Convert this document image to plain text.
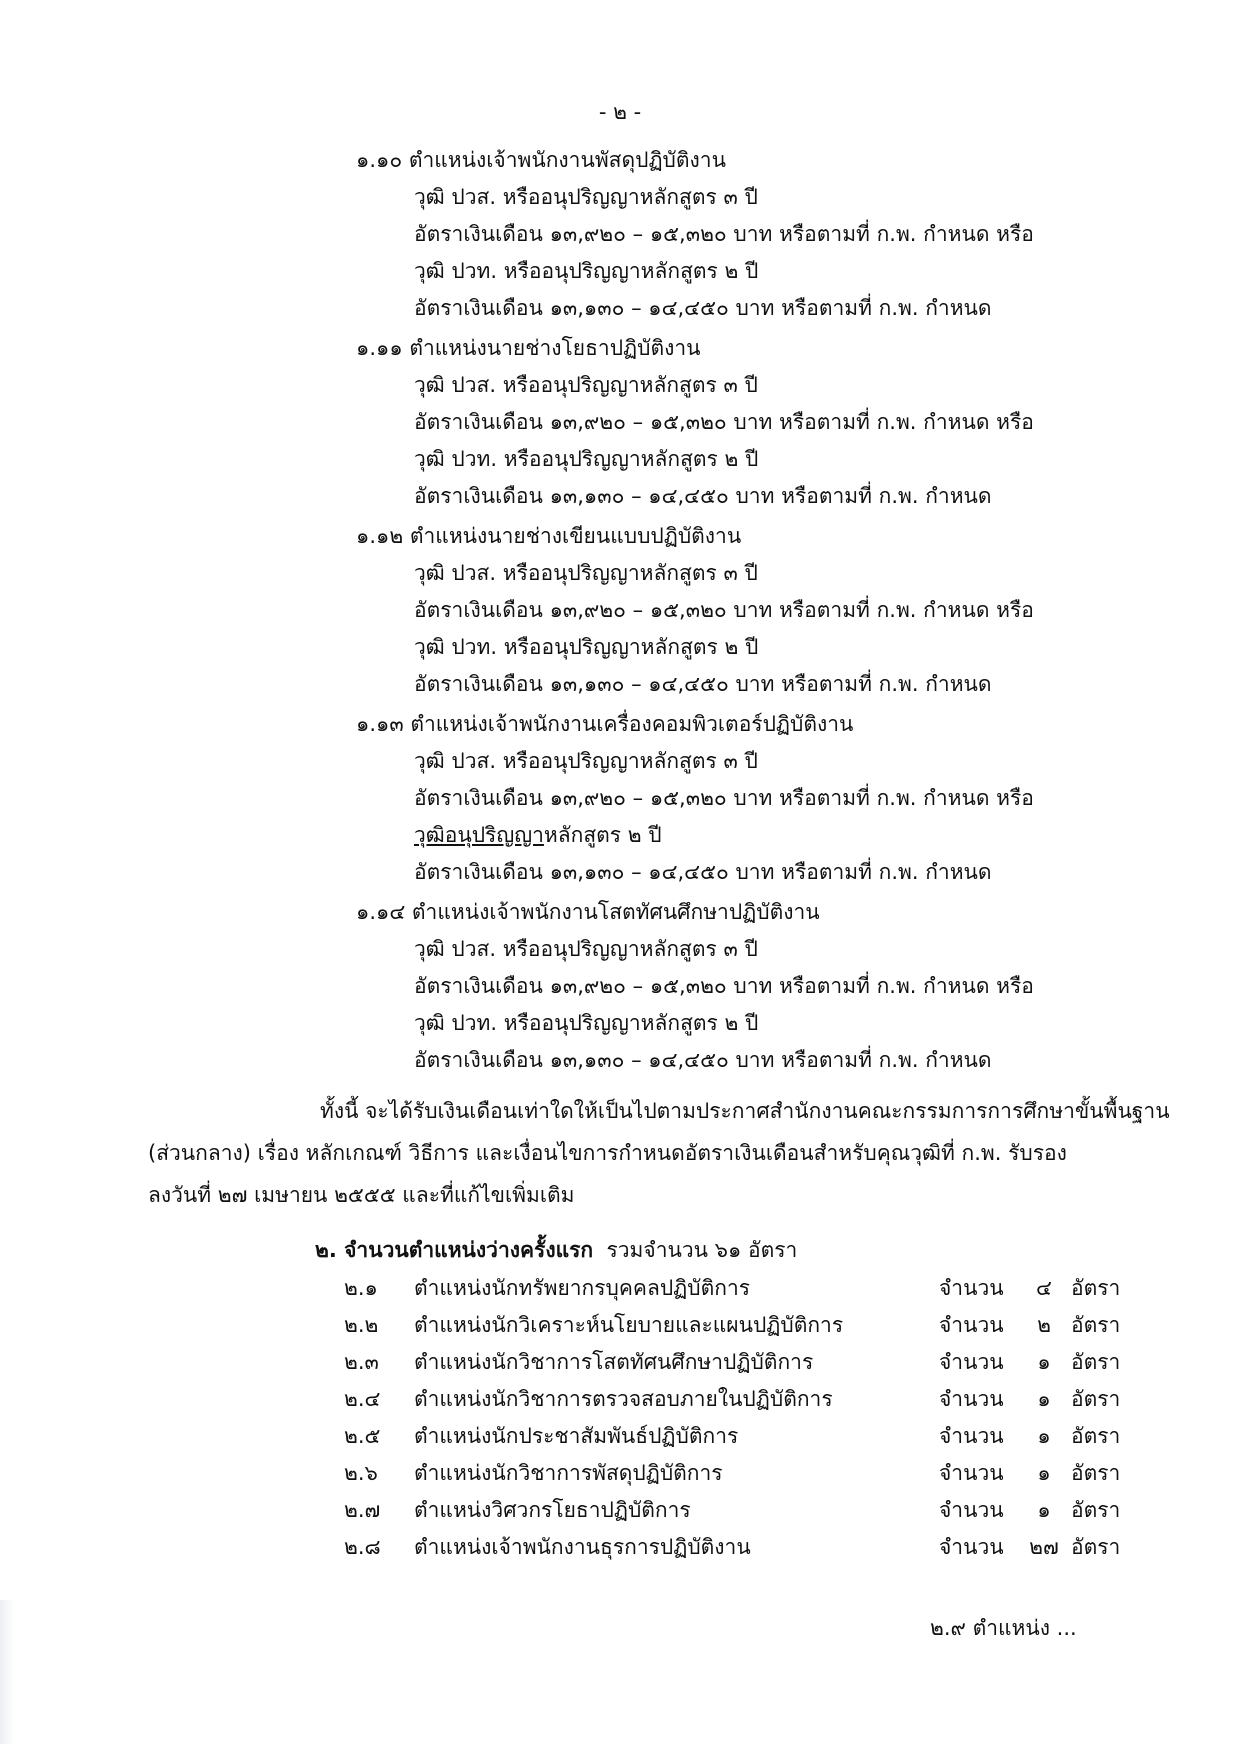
- ๒ -
๑.๑๐ ตำแหน่งเจ้าพนักงานพัสดุปฏิบัติงาน
วุฒิ ปวส. หรืออนุปริญญาหลักสูตร ๓ ปี
อัตราเงินเดือน ๑๓,๙๒๐ – ๑๕,๓๒๐ บาท หรือตามที่ ก.พ. กำหนด หรือ
วุฒิ ปวท. หรืออนุปริญญาหลักสูตร ๒ ปี
อัตราเงินเดือน ๑๓,๑๓๐ – ๑๔,๔๕๐ บาท หรือตามที่ ก.พ. กำหนด
๑.๑๑ ตำแหน่งนายช่างโยธาปฏิบัติงาน
วุฒิ ปวส. หรืออนุปริญญาหลักสูตร ๓ ปี
อัตราเงินเดือน ๑๓,๙๒๐ – ๑๕,๓๒๐ บาท หรือตามที่ ก.พ. กำหนด หรือ
วุฒิ ปวท. หรืออนุปริญญาหลักสูตร ๒ ปี
อัตราเงินเดือน ๑๓,๑๓๐ – ๑๔,๔๕๐ บาท หรือตามที่ ก.พ. กำหนด
๑.๑๒ ตำแหน่งนายช่างเขียนแบบปฏิบัติงาน
วุฒิ ปวส. หรืออนุปริญญาหลักสูตร ๓ ปี
อัตราเงินเดือน ๑๓,๙๒๐ – ๑๕,๓๒๐ บาท หรือตามที่ ก.พ. กำหนด หรือ
วุฒิ ปวท. หรืออนุปริญญาหลักสูตร ๒ ปี
อัตราเงินเดือน ๑๓,๑๓๐ – ๑๔,๔๕๐ บาท หรือตามที่ ก.พ. กำหนด
๑.๑๓ ตำแหน่งเจ้าพนักงานเครื่องคอมพิวเตอร์ปฏิบัติงาน
วุฒิ ปวส. หรืออนุปริญญาหลักสูตร ๓ ปี
อัตราเงินเดือน ๑๓,๙๒๐ – ๑๕,๓๒๐ บาท หรือตามที่ ก.พ. กำหนด หรือ
วุฒิอนุปริญญาหลักสูตร ๒ ปี
อัตราเงินเดือน ๑๓,๑๓๐ – ๑๔,๔๕๐ บาท หรือตามที่ ก.พ. กำหนด
๑.๑๔ ตำแหน่งเจ้าพนักงานโสตทัศนศึกษาปฏิบัติงาน
วุฒิ ปวส. หรืออนุปริญญาหลักสูตร ๓ ปี
อัตราเงินเดือน ๑๓,๙๒๐ – ๑๕,๓๒๐ บาท หรือตามที่ ก.พ. กำหนด หรือ
วุฒิ ปวท. หรืออนุปริญญาหลักสูตร ๒ ปี
อัตราเงินเดือน ๑๓,๑๓๐ – ๑๔,๔๕๐ บาท หรือตามที่ ก.พ. กำหนด
ทั้งนี้ จะได้รับเงินเดือนเท่าใดให้เป็นไปตามประกาศสำนักงานคณะกรรมการการศึกษาขั้นพื้นฐาน
(ส่วนกลาง) เรื่อง หลักเกณฑ์ วิธีการ และเงื่อนไขการกำหนดอัตราเงินเดือนสำหรับคุณวุฒิที่ ก.พ. รับรอง
ลงวันที่ ๒๗ เมษายน ๒๕๕๕ และที่แก้ไขเพิ่มเติม
๒. จำนวนตำแหน่งว่างครั้งแรก รวมจำนวน ๖๑ อัตรา
๒.๑ ตำแหน่งนักทรัพยากรบุคคลปฏิบัติการ	จำนวน	๔ อัตรา
๒.๒ ตำแหน่งนักวิเคราะห์นโยบายและแผนปฏิบัติการ	จำนวน	๒ อัตรา
๒.๓ ตำแหน่งนักวิชาการโสตทัศนศึกษาปฏิบัติการ	จำนวน	๑ อัตรา
๒.๔ ตำแหน่งนักวิชาการตรวจสอบภายในปฏิบัติการ	จำนวน	๑ อัตรา
๒.๕ ตำแหน่งนักประชาสัมพันธ์ปฏิบัติการ	จำนวน	๑ อัตรา
๒.๖ ตำแหน่งนักวิชาการพัสดุปฏิบัติการ	จำนวน	๑ อัตรา
๒.๗ ตำแหน่งวิศวกรโยธาปฏิบัติการ	จำนวน	๑ อัตรา
๒.๘ ตำแหน่งเจ้าพนักงานธุรการปฏิบัติงาน	จำนวน ๒๗ อัตรา
๒.๙ ตำแหน่ง ...
